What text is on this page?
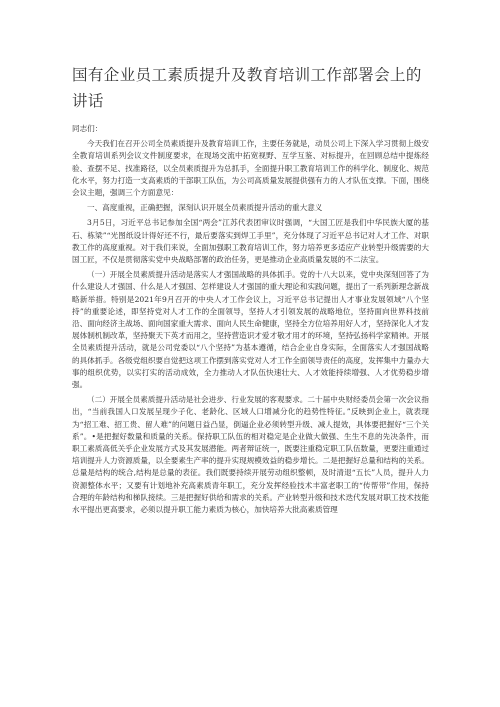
国有企业员工素质提升及教育培训工作部署会上的讲话

同志们：

今天我们在召开公司全员素质提升及教育培训工作，主要任务就是，动员公司上下深入学习贯彻上级安全教育培训系列会议文件制度要求，在现场交流中拓宽视野、互学互鉴、对标提升，在回顾总结中提炼经验、查摆不足、找准路径，以全员素质提升为总抓手，全面提升职工教育培训工作的科学化、制度化、规范化水平，努力打造一支高素质的干部职工队伍，为公司高质量发展提供强有力的人才队伍支撑。下面，围绕会议主题，强调三个方面意见：

一、高度重视，正确把握，深刻认识开展全员素质提升活动的重大意义

3月5日，习近平总书记参加全国“两会”江苏代表团审议时强调，“大国工匠是我们中华民族大厦的基石、栋梁”“光图纸设计得好还不行，最后要落实到焊工手里”，充分体现了习近平总书记对人才工作、对职教工作的高度重视。对于我们来说，全面加强职工教育培训工作，努力培养更多适应产业转型升级需要的大国工匠，不仅是贯彻落实党中央战略部署的政治任务，更是推动企业高质量发展的不二法宝。

（一）开展全员素质提升活动是落实人才强国战略的具体抓手。党的十八大以来，党中央深刻回答了为什么建设人才强国、什么是人才强国、怎样建设人才强国的重大理论和实践问题，提出了一系列新理念新战略新举措。特别是2021年9月召开的中央人才工作会议上，习近平总书记提出人才事业发展领域“八个坚持”的重要论述，即坚持党对人才工作的全面领导，坚持人才引领发展的战略地位，坚持面向世界科技前沿、面向经济主战场、面向国家重大需求、面向人民生命健康，坚持全方位培养用好人才，坚持深化人才发展体制机制改革，坚持聚天下英才而用之，坚持营造识才爱才敬才用才的环境，坚持弘扬科学家精神。开展全员素质提升活动，就是公司党委以“八个坚持”为基本遵循，结合企业自身实际，全面落实人才强国战略的具体抓手。各级党组织要自觉把这项工作摆到落实党对人才工作全面领导责任的高度，发挥集中力量办大事的组织优势，以实打实的活动成效，全力推动人才队伍快速壮大、人才效能持续增强、人才优势稳步增强。

（二）开展全员素质提升活动是社会进步、行业发展的客观要求。二十届中央财经委员会第一次会议指出，“当前我国人口发展呈现少子化、老龄化、区域人口增减分化的趋势性特征。”反映到企业上，就表现为“招工难、招工贵、留人难”的问题日益凸显，倒逼企业必须转型升级、减人提效，具体要把握好“三个关系”。•是把握好数量和质量的关系。保持职工队伍的相对稳定是企业做大做强、生生不息的先决条件，而职工素质高低关乎企业发展方式及其发展潜能。两者辩证统一，既要注重稳定职工队伍数量，更要注重通过培训提升人力资源质量，以全要素生产率的提升实现规模效益的稳步增长。二是把握好总量和结构的关系。总量是结构的统合,结构是总量的表征。我们既要持续开展劳动组织整顿，及时清退“五长”人员，提升人力资源整体水平；又要有计划地补充高素质青年职工，充分发挥经验技术丰富老职工的“传帮带”作用，保持合理的年龄结构和梯队接续。三是把握好供给和需求的关系。产业转型升级和技术迭代发展对职工技术技能水平提出更高要求，必须以提升职工能力素质为核心，加快培养大批高素质管理
